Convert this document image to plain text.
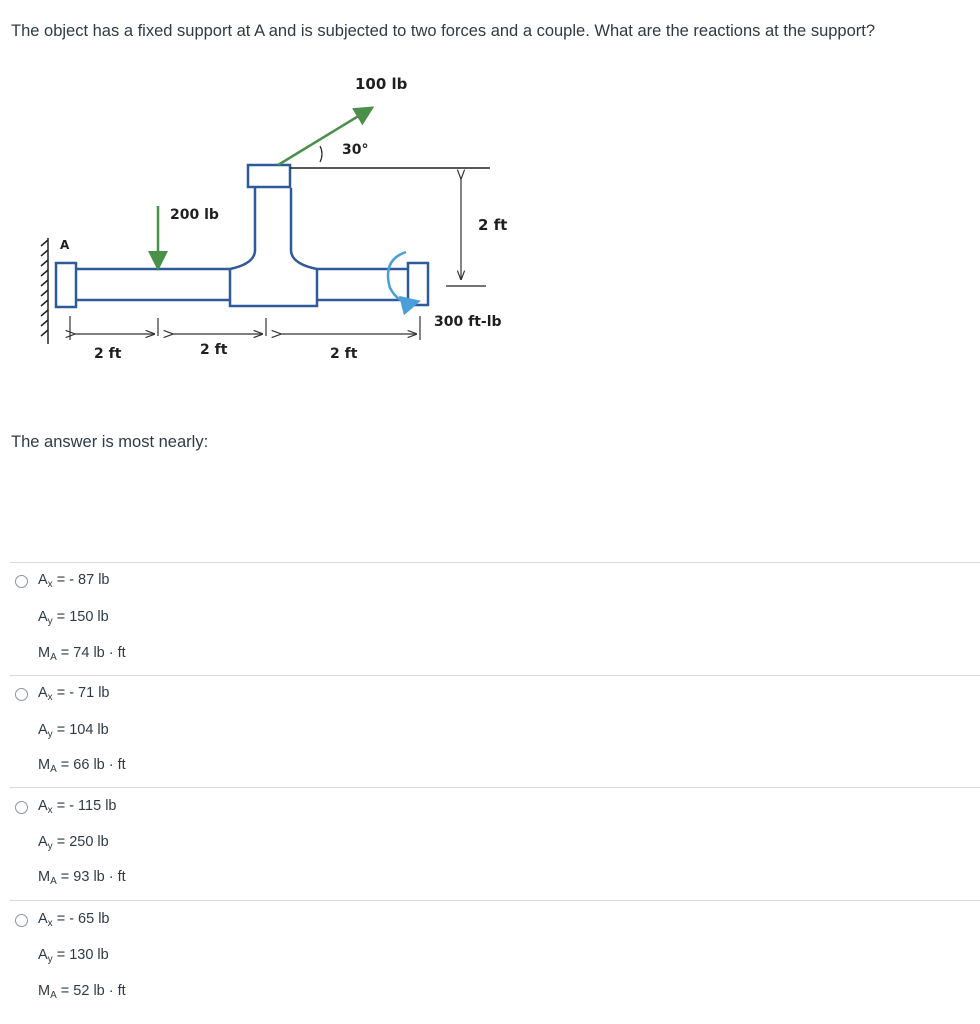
The object has a fixed support at A and is subjected to two forces and a couple. What are the reactions at the support?
A
100 lb
30°
200 lb
2 ft
300 ft-lb
2 ft	2 ft	2 ft
The answer is most nearly:
$A_x$ = - 87 lb
$A_y = 150$ lb
$M_A = 74$ lb · ft
$A_x$ = - 71 lb
$A_y = 104$ lb
$M_A = 66$ lb · ft
$A_x$ = - 115 lb
$A_y = 250$ lb
$M_A = 93$ lb · ft
$A_x$ = - 65 lb
$A_y = 130$ lb
$M_A = 52$ lb · ft
